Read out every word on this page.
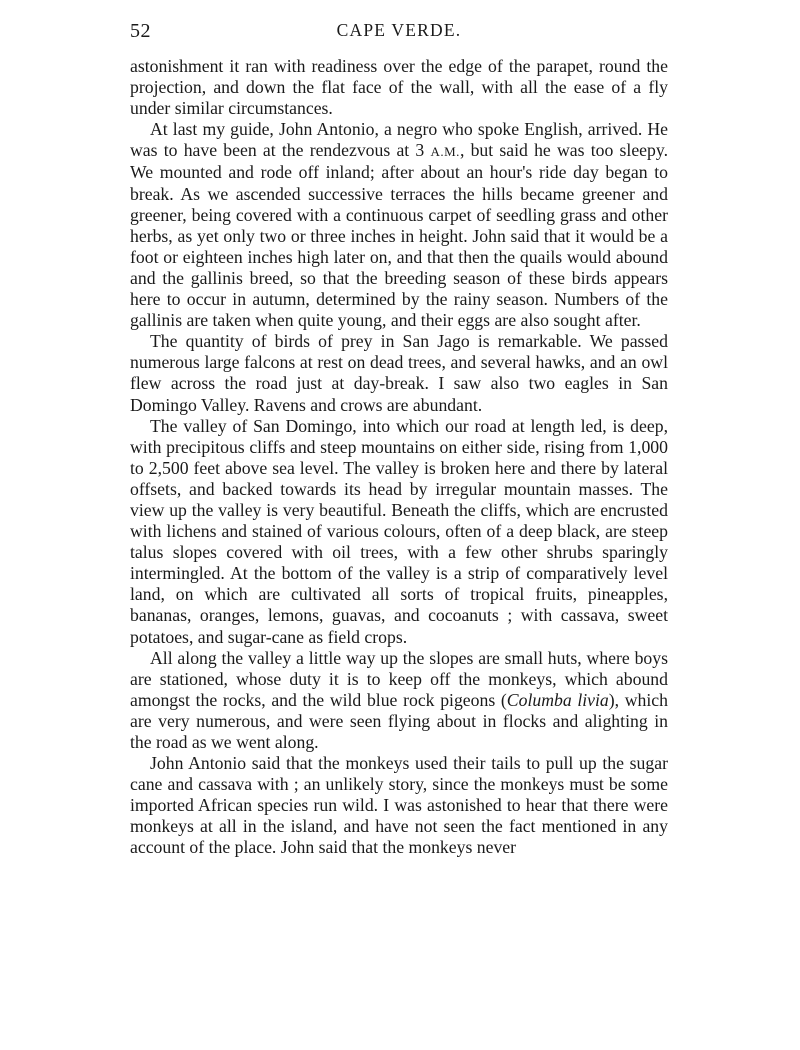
52	CAPE VERDE.

astonishment it ran with readiness over the edge of the parapet, round the projection, and down the flat face of the wall, with all the ease of a fly under similar circumstances.

At last my guide, John Antonio, a negro who spoke English, arrived. He was to have been at the rendezvous at 3 A.M., but said he was too sleepy. We mounted and rode off inland; after about an hour's ride day began to break. As we ascended successive terraces the hills became greener and greener, being covered with a continuous carpet of seedling grass and other herbs, as yet only two or three inches in height. John said that it would be a foot or eighteen inches high later on, and that then the quails would abound and the gallinis breed, so that the breeding season of these birds appears here to occur in autumn, determined by the rainy season. Numbers of the gallinis are taken when quite young, and their eggs are also sought after.

The quantity of birds of prey in San Jago is remarkable. We passed numerous large falcons at rest on dead trees, and several hawks, and an owl flew across the road just at day-break. I saw also two eagles in San Domingo Valley. Ravens and crows are abundant.

The valley of San Domingo, into which our road at length led, is deep, with precipitous cliffs and steep mountains on either side, rising from 1,000 to 2,500 feet above sea level. The valley is broken here and there by lateral offsets, and backed towards its head by irregular mountain masses. The view up the valley is very beautiful. Beneath the cliffs, which are encrusted with lichens and stained of various colours, often of a deep black, are steep talus slopes covered with oil trees, with a few other shrubs sparingly intermingled. At the bottom of the valley is a strip of comparatively level land, on which are cultivated all sorts of tropical fruits, pineapples, bananas, oranges, lemons, guavas, and cocoanuts ; with cassava, sweet potatoes, and sugar-cane as field crops.

All along the valley a little way up the slopes are small huts, where boys are stationed, whose duty it is to keep off the monkeys, which abound amongst the rocks, and the wild blue rock pigeons (Columba livia), which are very numerous, and were seen flying about in flocks and alighting in the road as we went along.

John Antonio said that the monkeys used their tails to pull up the sugar cane and cassava with ; an unlikely story, since the monkeys must be some imported African species run wild. I was astonished to hear that there were monkeys at all in the island, and have not seen the fact mentioned in any account of the place. John said that the monkeys never
